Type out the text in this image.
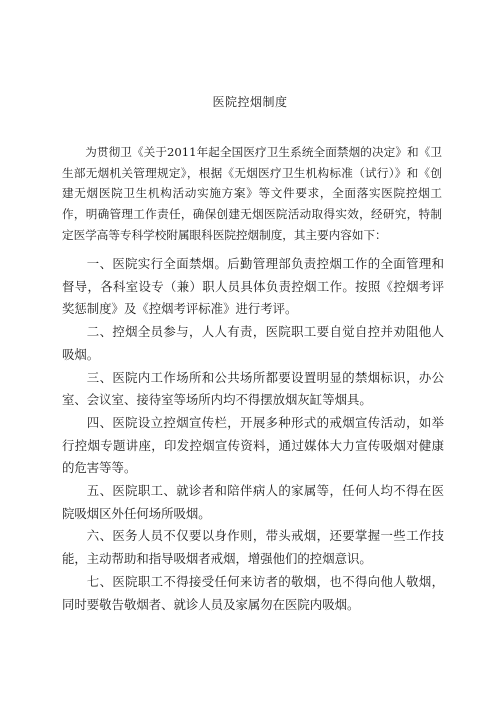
医院控烟制度

为贯彻卫《关于2011年起全国医疗卫生系统全面禁烟的决定》和《卫生部无烟机关管理规定》，根据《无烟医疗卫生机构标准（试行）》和《创建无烟医院卫生机构活动实施方案》等文件要求，全面落实医院控烟工作，明确管理工作责任，确保创建无烟医院活动取得实效，经研究，特制定医学高等专科学校附属眼科医院控烟制度，其主要内容如下：

一、医院实行全面禁烟。后勤管理部负责控烟工作的全面管理和督导，各科室设专（兼）职人员具体负责控烟工作。按照《控烟考评奖惩制度》及《控烟考评标准》进行考评。

二、控烟全员参与，人人有责，医院职工要自觉自控并劝阻他人吸烟。

三、医院内工作场所和公共场所都要设置明显的禁烟标识，办公室、会议室、接待室等场所内均不得摆放烟灰缸等烟具。

四、医院设立控烟宣传栏，开展多种形式的戒烟宣传活动，如举行控烟专题讲座，印发控烟宣传资料，通过媒体大力宣传吸烟对健康的危害等等。

五、医院职工、就诊者和陪伴病人的家属等，任何人均不得在医院吸烟区外任何场所吸烟。

六、医务人员不仅要以身作则，带头戒烟，还要掌握一些工作技能，主动帮助和指导吸烟者戒烟，增强他们的控烟意识。

七、医院职工不得接受任何来访者的敬烟，也不得向他人敬烟，同时要敬告敬烟者、就诊人员及家属勿在医院内吸烟。
